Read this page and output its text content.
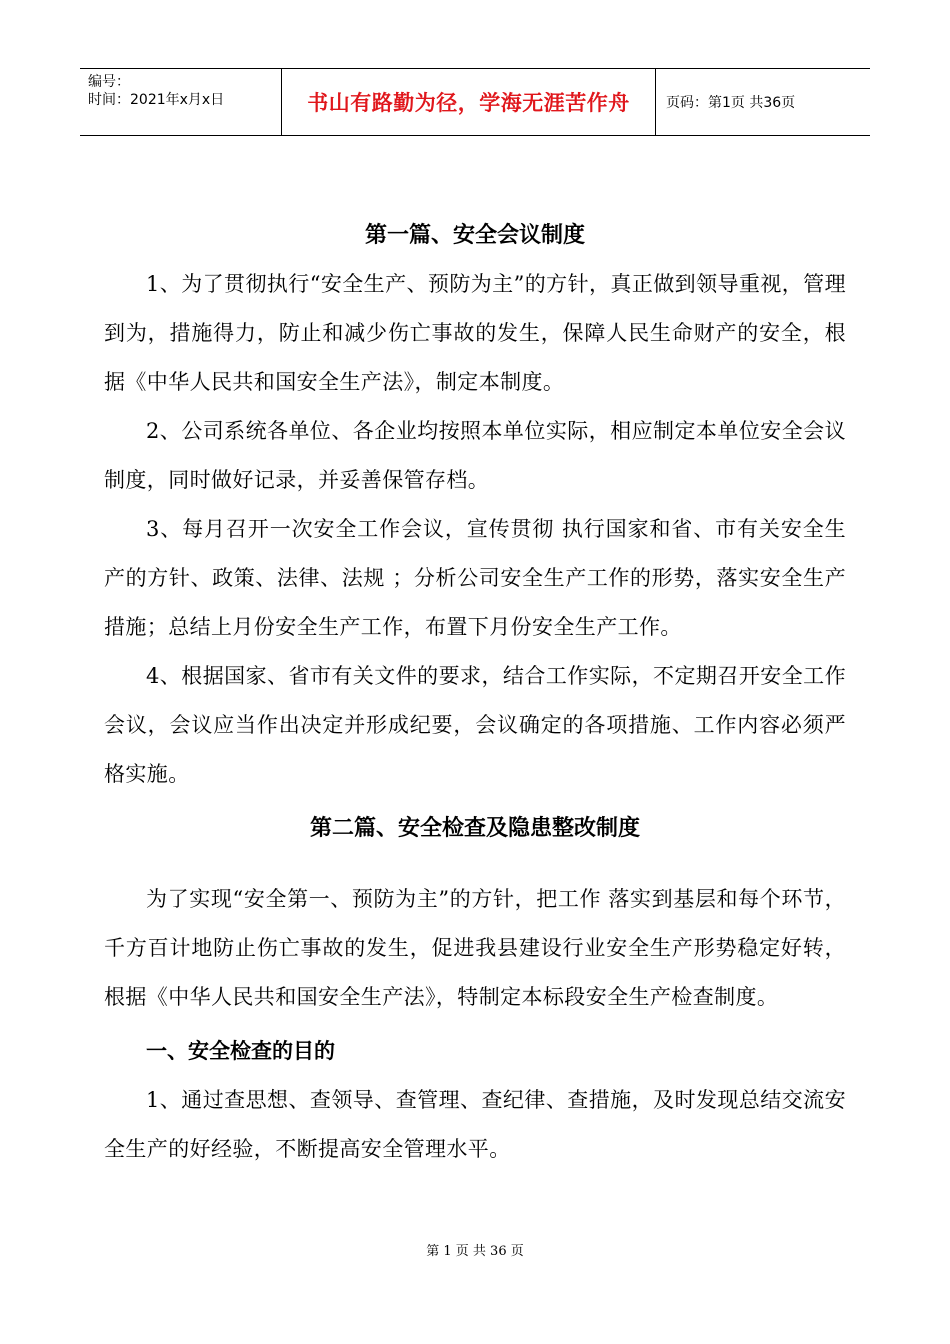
编号：
时间：2021年x月x日	书山有路勤为径，学海无涯苦作舟	页码：第1页 共36页
第一篇、安全会议制度

1、为了贯彻执行“安全生产、预防为主”的方针，真正做到领导重视，管理到为，措施得力，防止和减少伤亡事故的发生，保障人民生命财产的安全，根据《中华人民共和国安全生产法》，制定本制度。

2、公司系统各单位、各企业均按照本单位实际，相应制定本单位安全会议制度，同时做好记录，并妥善保管存档。

3、每月召开一次安全工作会议，宣传贯彻 执行国家和省、市有关安全生产的方针、政策、法律、法规 ；分析公司安全生产工作的形势，落实安全生产措施；总结上月份安全生产工作，布置下月份安全生产工作。

4、根据国家、省市有关文件的要求，结合工作实际，不定期召开安全工作会议，会议应当作出决定并形成纪要，会议确定的各项措施、工作内容必须严格实施。

第二篇、安全检查及隐患整改制度

为了实现“安全第一、预防为主”的方针，把工作 落实到基层和每个环节，千方百计地防止伤亡事故的发生，促进我县建设行业安全生产形势稳定好转，根据《中华人民共和国安全生产法》，特制定本标段安全生产检查制度。

一、安全检查的目的

1、通过查思想、查领导、查管理、查纪律、查措施，及时发现总结交流安全生产的好经验，不断提高安全管理水平。

第 1 页 共 36 页
